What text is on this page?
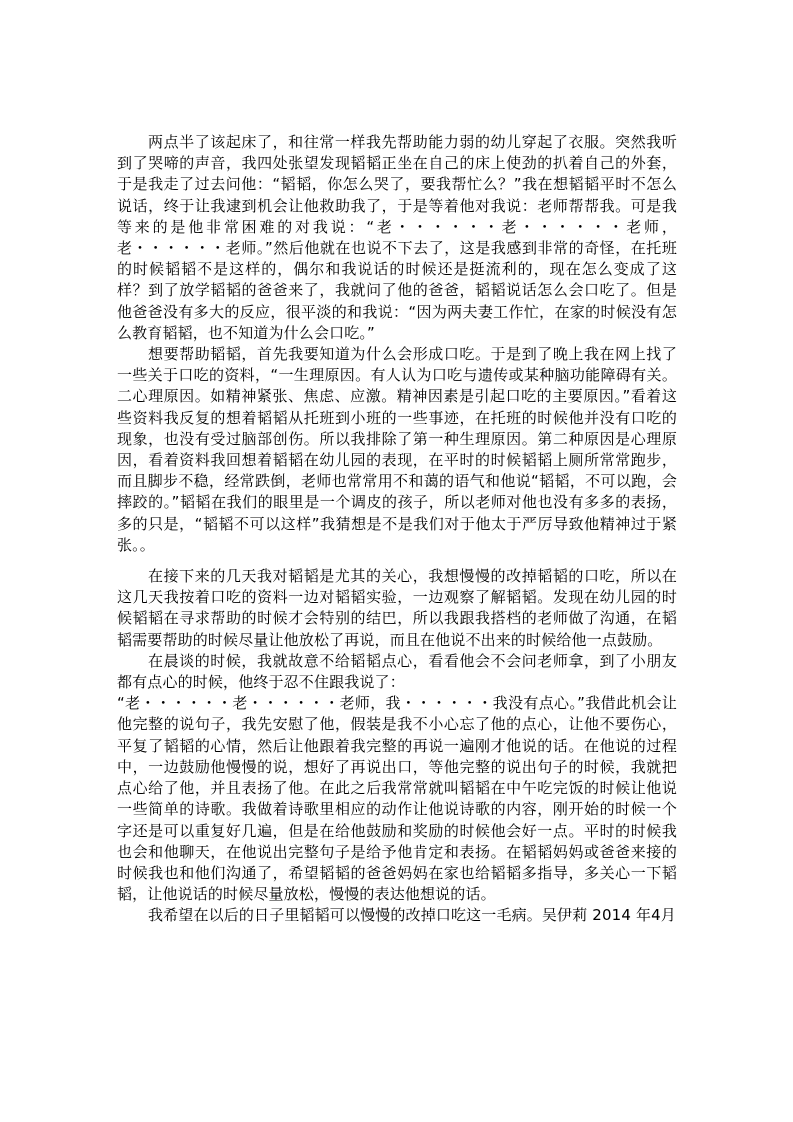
两点半了该起床了，和往常一样我先帮助能力弱的幼儿穿起了衣服。突然我听到了哭啼的声音，我四处张望发现韬韬正坐在自己的床上使劲的扒着自己的外套，于是我走了过去问他：“韬韬，你怎么哭了，要我帮忙么？”我在想韬韬平时不怎么说话，终于让我逮到机会让他救助我了，于是等着他对我说：老师帮帮我。可是我等来的是他非常困难的对我说：“老・・・・・・老・・・・・・老师，老・・・・・・老师。”然后他就在也说不下去了，这是我感到非常的奇怪，在托班的时候韬韬不是这样的，偶尔和我说话的时候还是挺流利的，现在怎么变成了这样？到了放学韬韬的爸爸来了，我就问了他的爸爸，韬韬说话怎么会口吃了。但是他爸爸没有多大的反应，很平淡的和我说：“因为两夫妻工作忙，在家的时候没有怎么教育韬韬，也不知道为什么会口吃。”

想要帮助韬韬，首先我要知道为什么会形成口吃。于是到了晚上我在网上找了一些关于口吃的资料，“一生理原因。有人认为口吃与遗传或某种脑功能障碍有关。二心理原因。如精神紧张、焦虑、应激。精神因素是引起口吃的主要原因。”看着这些资料我反复的想着韬韬从托班到小班的一些事迹，在托班的时候他并没有口吃的现象，也没有受过脑部创伤。所以我排除了第一种生理原因。第二种原因是心理原因，看着资料我回想着韬韬在幼儿园的表现，在平时的时候韬韬上厕所常常跑步，而且脚步不稳，经常跌倒，老师也常常用不和蔼的语气和他说“韬韬，不可以跑，会摔跤的。”韬韬在我们的眼里是一个调皮的孩子，所以老师对他也没有多多的表扬，多的只是，“韬韬不可以这样”我猜想是不是我们对于他太于严厉导致他精神过于紧张。。

在接下来的几天我对韬韬是尤其的关心，我想慢慢的改掉韬韬的口吃，所以在这几天我按着口吃的资料一边对韬韬实验，一边观察了解韬韬。发现在幼儿园的时候韬韬在寻求帮助的时候才会特别的结巴，所以我跟我搭档的老师做了沟通，在韬韬需要帮助的时候尽量让他放松了再说，而且在他说不出来的时候给他一点鼓励。

在晨谈的时候，我就故意不给韬韬点心，看看他会不会问老师拿，到了小朋友都有点心的时候，他终于忍不住跟我说了：

“老・・・・・・老・・・・・・老师，我・・・・・・我没有点心。”我借此机会让他完整的说句子，我先安慰了他，假装是我不小心忘了他的点心，让他不要伤心，平复了韬韬的心情，然后让他跟着我完整的再说一遍刚才他说的话。在他说的过程中，一边鼓励他慢慢的说，想好了再说出口，等他完整的说出句子的时候，我就把点心给了他，并且表扬了他。在此之后我常常就叫韬韬在中午吃完饭的时候让他说一些简单的诗歌。我做着诗歌里相应的动作让他说诗歌的内容，刚开始的时候一个字还是可以重复好几遍，但是在给他鼓励和奖励的时候他会好一点。平时的时候我也会和他聊天，在他说出完整句子是给予他肯定和表扬。在韬韬妈妈或爸爸来接的时候我也和他们沟通了，希望韬韬的爸爸妈妈在家也给韬韬多指导，多关心一下韬韬，让他说话的时候尽量放松，慢慢的表达他想说的话。

我希望在以后的日子里韬韬可以慢慢的改掉口吃这一毛病。吴伊莉 2014 年4月
